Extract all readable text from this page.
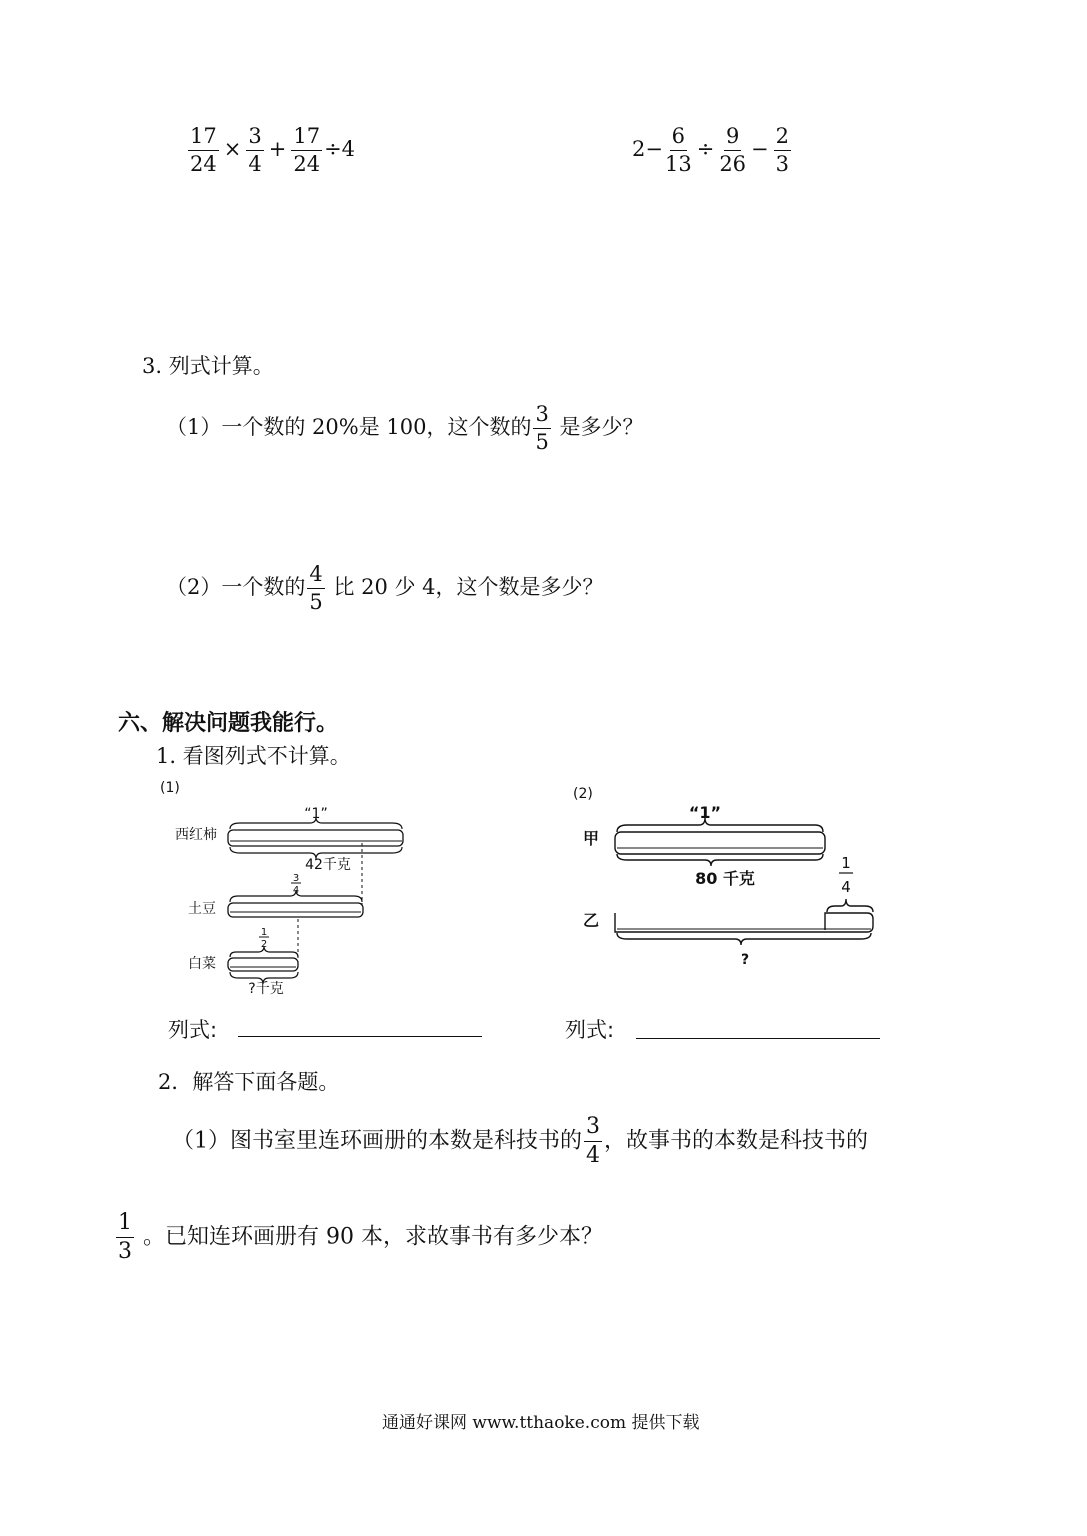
$\frac{17}{24} \times \frac{3}{4} + \frac{17}{24} \div 4$	$2- \frac{6}{13} \div \frac{9}{26} - \frac{2}{3}$
3. 列式计算。
（1）一个数的 20%是 100，这个数的 $\frac{3}{5}$ 是多少？
（2）一个数的 $\frac{4}{5}$ 比 20 少 4，这个数是多少？
六、解决问题我能行。
1. 看图列式不计算。
(1)
“1”
西红柿
42千克
3
4
土豆
1
2
白菜
?千克
(2)
“1”
甲
80 千克
1
4
乙
?
列式:	列式:
2．解答下面各题。
（1）图书室里连环画册的本数是科技书的 $\frac{3}{4}$ ，故事书的本数是科技书的
$\frac{1}{3}$ 。已知连环画册有 90 本，求故事书有多少本？
通通好课网 www.tthaoke.com 提供下载
